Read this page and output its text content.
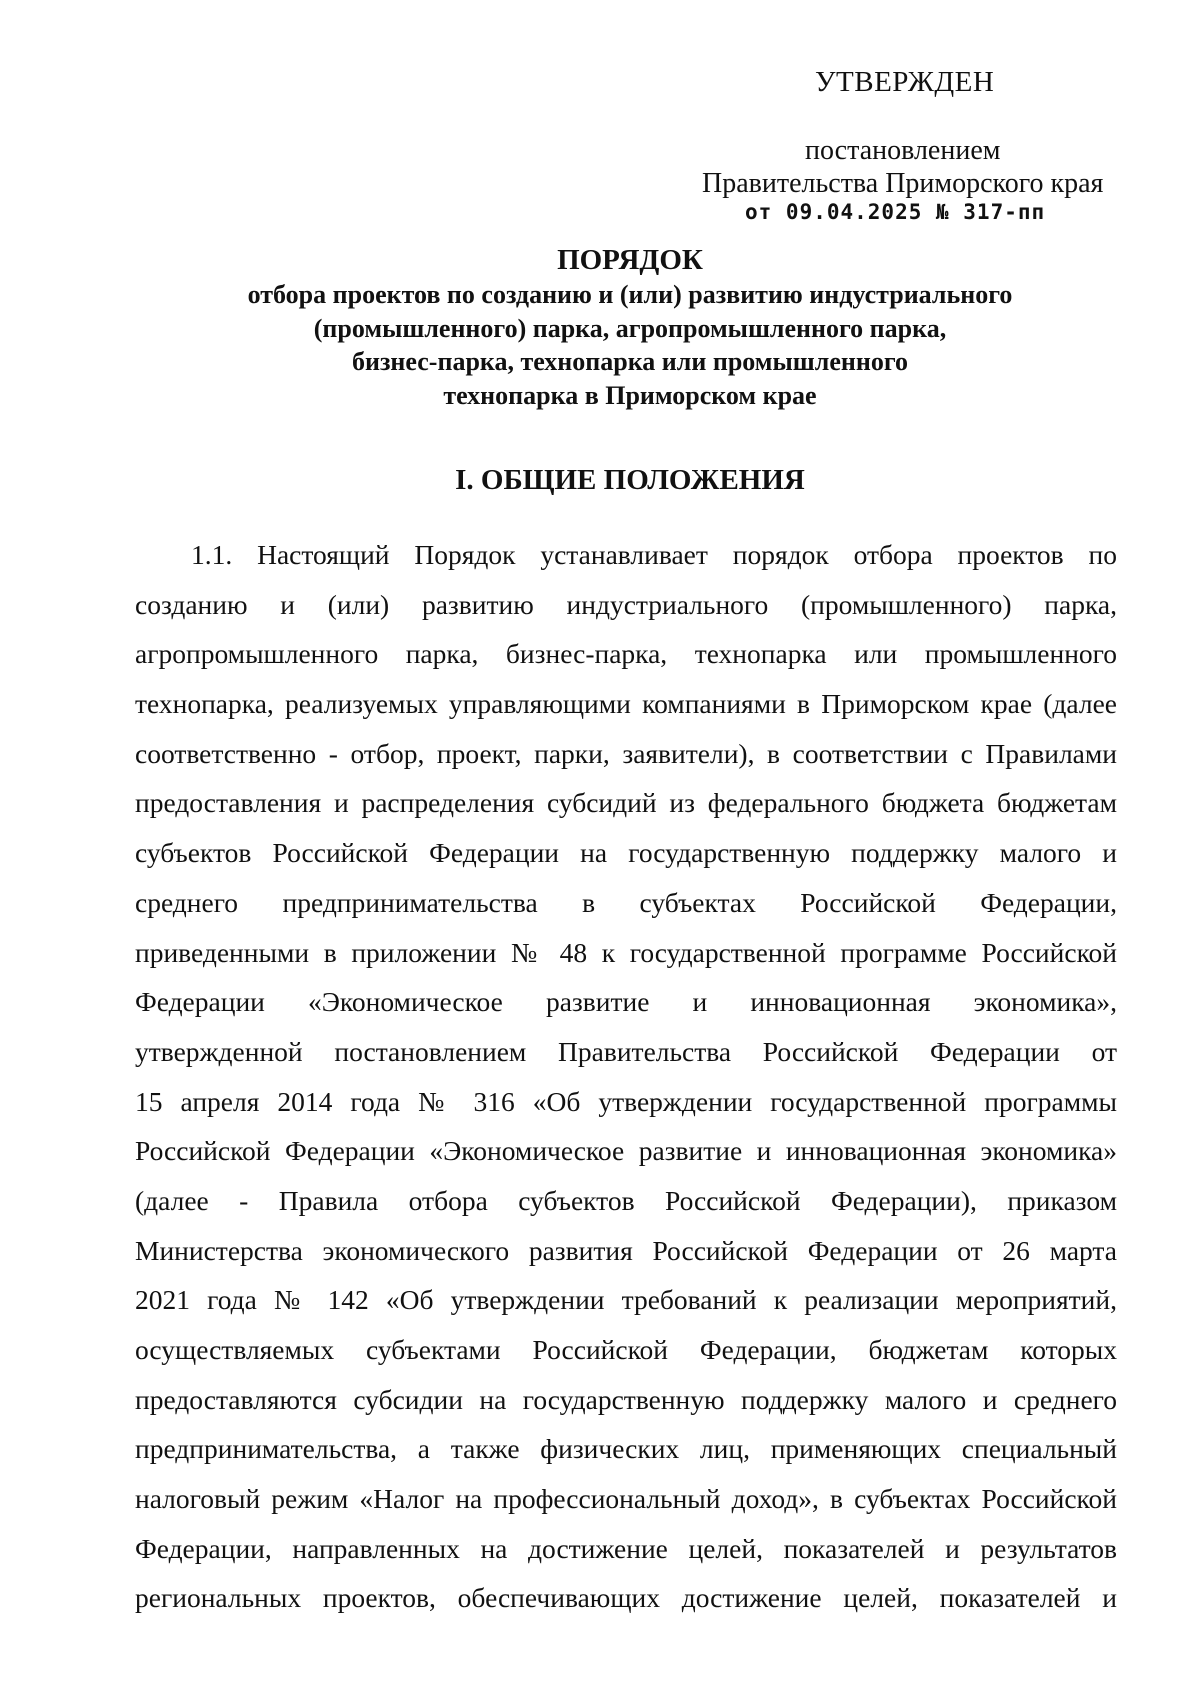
УТВЕРЖДЕН
постановлением
Правительства Приморского края
от 09.04.2025 № 317-пп
ПОРЯДОК
отбора проектов по созданию и (или) развитию индустриального
(промышленного) парка, агропромышленного парка,
бизнес-парка, технопарка или промышленного
технопарка в Приморском крае
I. ОБЩИЕ ПОЛОЖЕНИЯ
1.1. Настоящий Порядок устанавливает порядок отбора проектов по
созданию и (или) развитию индустриального (промышленного) парка,
агропромышленного парка, бизнес-парка, технопарка или промышленного
технопарка, реализуемых управляющими компаниями в Приморском крае (далее
соответственно - отбор, проект, парки, заявители), в соответствии с Правилами
предоставления и распределения субсидий из федерального бюджета бюджетам
субъектов Российской Федерации на государственную поддержку малого и
среднего предпринимательства в субъектах Российской Федерации,
приведенными в приложении № 48 к государственной программе Российской
Федерации «Экономическое развитие и инновационная экономика»,
утвержденной постановлением Правительства Российской Федерации от
15 апреля 2014 года № 316 «Об утверждении государственной программы
Российской Федерации «Экономическое развитие и инновационная экономика»
(далее - Правила отбора субъектов Российской Федерации), приказом
Министерства экономического развития Российской Федерации от 26 марта
2021 года № 142 «Об утверждении требований к реализации мероприятий,
осуществляемых субъектами Российской Федерации, бюджетам которых
предоставляются субсидии на государственную поддержку малого и среднего
предпринимательства, а также физических лиц, применяющих специальный
налоговый режим «Налог на профессиональный доход», в субъектах Российской
Федерации, направленных на достижение целей, показателей и результатов
региональных проектов, обеспечивающих достижение целей, показателей и
